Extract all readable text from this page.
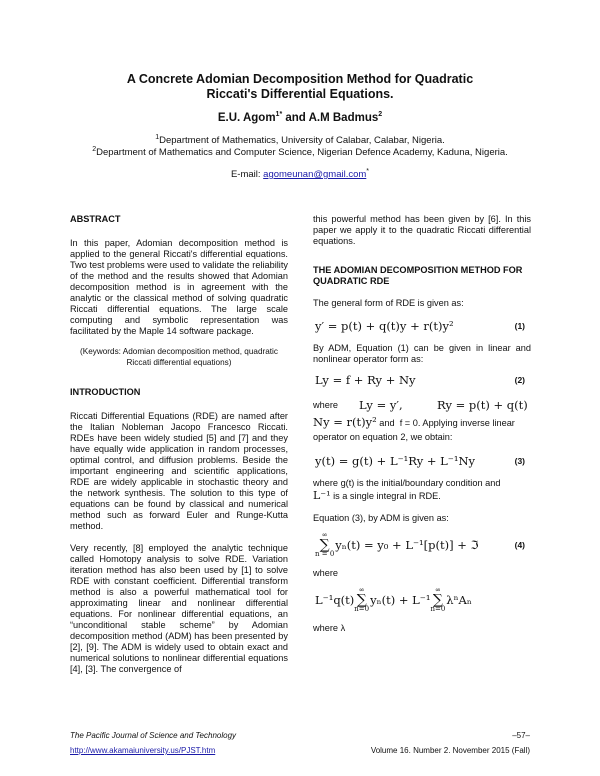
A Concrete Adomian Decomposition Method for Quadratic
Riccati's Differential Equations.
E.U. Agom$^{1*}$ and A.M Badmus$^2$
$^1$Department of Mathematics, University of Calabar, Calabar, Nigeria.
$^2$Department of Mathematics and Computer Science, Nigerian Defence Academy, Kaduna, Nigeria.
E-mail: agomeunan@gmail.com*
ABSTRACT

In this paper, Adomian decomposition method is applied to the general Riccati's differential equations. Two test problems were used to validate the reliability of the method and the results showed that Adomian decomposition method is in agreement with the analytic or the classical method of solving quadratic Riccati differential equations. The large scale computing and symbolic representation was facilitated by the Maple 14 software package.

(Keywords: Adomian decomposition method, quadratic Riccati differential equations)

INTRODUCTION

Riccati Differential Equations (RDE) are named after the Italian Nobleman Jacopo Francesco Riccati. RDEs have been widely studied [5] and [7] and they have equally wide application in random processes, optimal control, and diffusion problems. Beside the important engineering and scientific applications, RDE are widely applicable in stochastic theory and the network synthesis. The solution to this type of equations can be found by classical and numerical method such as forward Euler and Runge-Kutta method.

Very recently, [8] employed the analytic technique called Homotopy analysis to solve RDE. Variation iteration method has also been used by [1] to solve RDE with constant coefficient. Differential transform method is also a powerful mathematical tool for approximating linear and nonlinear differential equations. For nonlinear differential equations, an “unconditional stable scheme” by Adomian decomposition method (ADM) has been presented by [2], [9]. The ADM is widely used to obtain exact and numerical solutions to nonlinear differential equations [4], [3]. The convergence of

this powerful method has been given by [6]. In this paper we apply it to the quadratic Riccati differential equations.

THE ADOMIAN DECOMPOSITION METHOD FOR QUADRATIC RDE

The general form of RDE is given as:

y′ = p(t) + q(t)y + r(t)y²	(1)

By ADM, Equation (1) can be given in linear and nonlinear operator form as:

Ly = f + Ry + Ny	(2)
where	Ly = y′,	Ry = p(t) + q(t)
Ny = r(t)y² and  f = 0. Applying inverse linear operator on equation 2, we obtain:
y(t) = g(t) + L⁻¹Ry + L⁻¹Ny	(3)

where g(t) is the initial/boundary condition and

L⁻¹ is a single integral in RDE.

Equation (3), by ADM is given as:

∞
∑
n = 0
yₙ(t) = y₀ + L⁻¹[p(t)] + ℑ	(4)

where

L⁻¹q(t)
∞
∑
n=0
yₙ(t) + L⁻¹
∞
∑
n=0
λⁿAₙ

where λ

The Pacific Journal of Science and Technology	–57–
http://www.akamaiuniversity.us/PJST.htm	Volume 16. Number 2. November 2015 (Fall)
